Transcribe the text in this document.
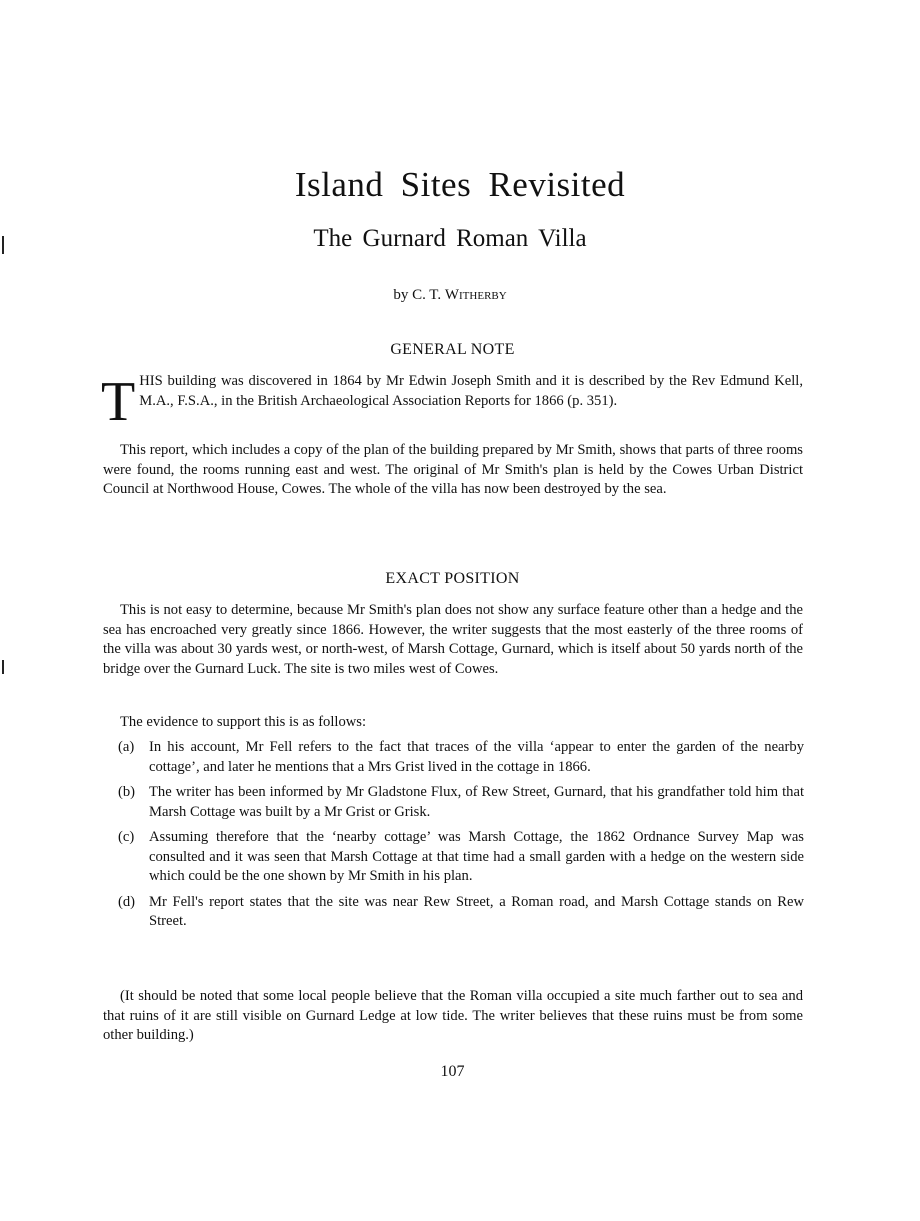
Island Sites Revisited
The Gurnard Roman Villa

by C. T. Witherby

GENERAL NOTE

THIS building was discovered in 1864 by Mr Edwin Joseph Smith and it is described by the Rev Edmund Kell, M.A., F.S.A., in the British Archaeological Association Reports for 1866 (p. 351).

This report, which includes a copy of the plan of the building prepared by Mr Smith, shows that parts of three rooms were found, the rooms running east and west. The original of Mr Smith's plan is held by the Cowes Urban District Council at Northwood House, Cowes. The whole of the villa has now been destroyed by the sea.

EXACT POSITION

This is not easy to determine, because Mr Smith's plan does not show any surface feature other than a hedge and the sea has encroached very greatly since 1866. However, the writer suggests that the most easterly of the three rooms of the villa was about 30 yards west, or north-west, of Marsh Cottage, Gurnard, which is itself about 50 yards north of the bridge over the Gurnard Luck. The site is two miles west of Cowes.

The evidence to support this is as follows:

(a) In his account, Mr Fell refers to the fact that traces of the villa ‘appear to enter the garden of the nearby cottage’, and later he mentions that a Mrs Grist lived in the cottage in 1866.
(b) The writer has been informed by Mr Gladstone Flux, of Rew Street, Gurnard, that his grandfather told him that Marsh Cottage was built by a Mr Grist or Grisk.
(c) Assuming therefore that the ‘nearby cottage’ was Marsh Cottage, the 1862 Ordnance Survey Map was consulted and it was seen that Marsh Cottage at that time had a small garden with a hedge on the western side which could be the one shown by Mr Smith in his plan.
(d) Mr Fell's report states that the site was near Rew Street, a Roman road, and Marsh Cottage stands on Rew Street.

(It should be noted that some local people believe that the Roman villa occupied a site much farther out to sea and that ruins of it are still visible on Gurnard Ledge at low tide. The writer believes that these ruins must be from some other building.)

107
